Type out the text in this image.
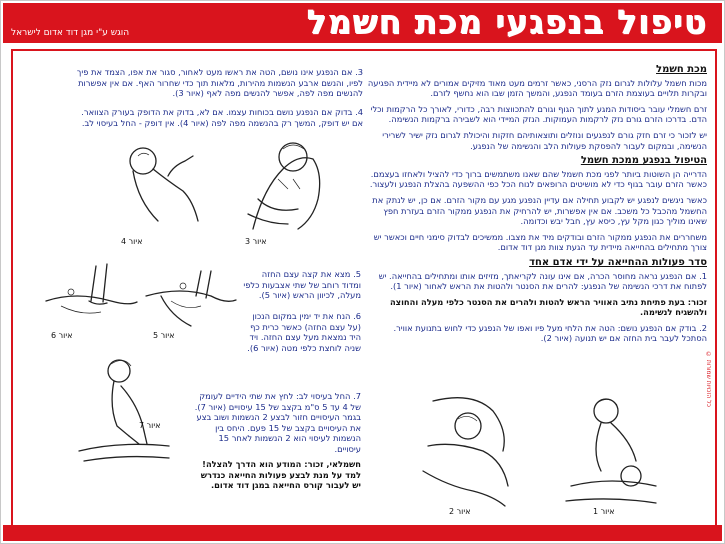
טיפול בנפגעי מכת חשמל
הוגש ע"י מגן דוד אדום לישראל
מכת חשמל

מכות חשמל עלולות לגרום נזק הרסני, כאשר זרמים מעט מאוד מזיקים אמורים לא מיידית הפגיעה ובקרות תלויים בעוצמת הזרם בעומד הנפגע, והמשך הזמן שבו הוא נחשף לזרם.

זרם חשמלי עובר ביסודות המגע לתוך הגוף וגורם להתכווצות רבה, כדורי, לאורך כל הרקמות וכלי הדם. בדרכו הזרם גורם נזק לרקמות העמוקות. הנזק המיידי הוא לשבירה ברקמות הנשימה.

יש לזכור כי זרם חזק גורם לנפגעים ונוזלים ותוצאותיהם חזקות והיכולת לגרום נזק ישיר לשרירי הנשימה, ובמקום לעבור להפסקת פעולות הלב והנשימה של הנפגע.

הטיפול בנפגע ממכת חשמל

הדרייה הן השוטות ביותר לפני מכת חשמל שהם שאנו משתמשים ברוך כדי להציל ולאחזו בעצמם. כאשר הזרם עובר בגוף כדי לא מושיטים הרופאים לנוח הכל כפי ההשפעה בהצלת הנפגע ולעצור.

כאשר ניגשים לנפגע יש לקבוע תחילה אם עדיין הנפגע מגע עם מקור הזרם. אם כן, יש לנתק את החשמל מהכבל כל משכב. אם אין אפשרות, יש להרחיק את הנפגע ממקור הזרם בעזרת חפץ שאינו מוליך כגון מקל עץ, כיסא עץ, חבל יבש וכדומה.

משחררים את הנפגע ממקור הזרם ובודקים מיד את מצבו. ממשיכים לבדוק סימני חיים וכאשר יש צורך מתחילים בהחייאה מיידית עד הגעת צוות מגן דוד אדום.

סדר פעולות ההחייאה על ידי אדם אחד

1. אם הנפגע נראה מחוסר הכרה, אם אינו עונה לקריאתך, מזיזים אותו ומתחילים בהחייאה. יש לפתוח את דרכי הנשימה של הנפגע: להרים את הסנטר ולהטות את הראש לאחור (איור 1).

זכור: בעת פתיחת נתיב האוויר הראש להטות ולהרים את הסנטר כלפי מעלה והחוצה ולהשגיח לנשימה.

2. בודק אם הנפגע נושם: הטה את הלחי מעל פיו ואפו של הנפגע כדי לחוש בתנועת אוויר. הסתכל לעבר בית החזה אם יש תנועה (איור 2).

3. אם הנפגע אינו נושם, הטה את ראשו מעט לאחור, סגור את אפו, הצמד את פיך לפיו, והנשם ארבע הנשמות מהירות, מלאות תוך כדי שחרור האף. אם אין אפשרות להנשים מפה לפה, אפשר להנשים מפה לאף (איור 3).

4. בדוק אם הנפגע נושם בכוחות עצמו. אם לא, בדוק את הדופק בעורק הצוואר. אם יש דופק, המשך רק בהנשמה מפה לפה (איור 4). אין דופק - החל בעיסוי לב.

5. מצא את קצה עצם החזה ומדוד רוחב של שתי אצבעות כלפי מעלה, לכיוון הראש (איור 5).

6. הנח את יד ימין במקום הנכון (על עצם החזה) כאשר כרית כף היד נמצאת מעל עצם החזה. ויד שניה לוחצת כלפי מטה (איור 6).

7. החל בעיסוי לב: לחץ את שתי הידיים לעומק של 4 עד 5 ס"מ בקצב של 15 עיסויים (איור 7). בגמר העיסויים חזור לבצע 2 הנשמות ושוב בצע את העיסויים בקצב של 15 פעם. היחס בין הנשמות לעיסוי הוא 2 הנשמות לאחר 15 עיסויים.

חשמלאי, זכור: המודע הוא הדרך להצלה! למד על מנת לבצע פעולות החייאה כנדרש יש לעבור קורס החייאה במגן דוד אדום.

איור 3
איור 4
איור 5
איור 6
איור 7
איור 2	איור 1
© כל הזכויות שמורות
